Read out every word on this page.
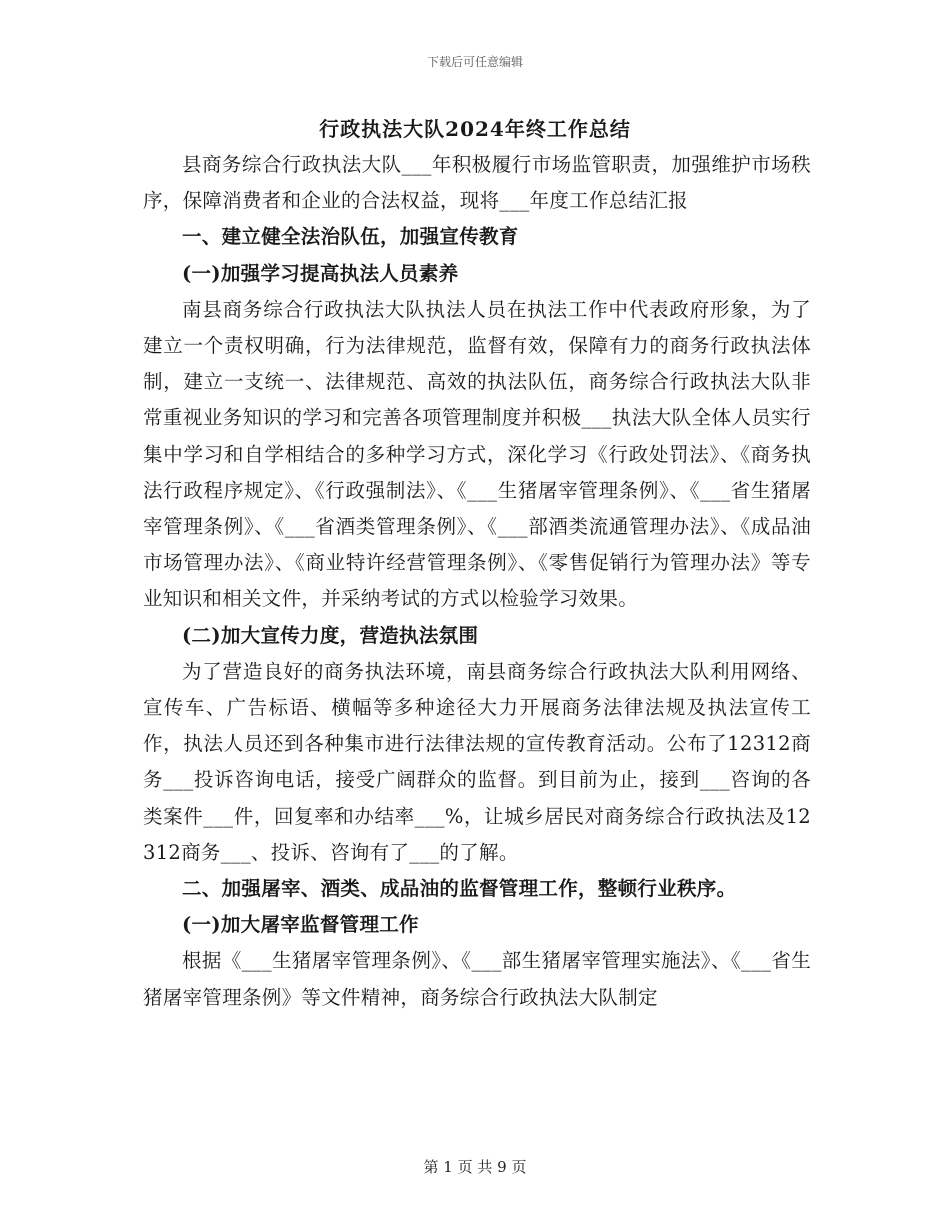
下载后可任意编辑
行政执法大队2024年终工作总结

县商务综合行政执法大队___年积极履行市场监管职责，加强维护市场秩序，保障消费者和企业的合法权益，现将___年度工作总结汇报

一、建立健全法治队伍，加强宣传教育

(一)加强学习提高执法人员素养

南县商务综合行政执法大队执法人员在执法工作中代表政府形象，为了建立一个责权明确，行为法律规范，监督有效，保障有力的商务行政执法体制，建立一支统一、法律规范、高效的执法队伍，商务综合行政执法大队非常重视业务知识的学习和完善各项管理制度并积极___执法大队全体人员实行集中学习和自学相结合的多种学习方式，深化学习《行政处罚法》、《商务执法行政程序规定》、《行政强制法》、《___生猪屠宰管理条例》、《___省生猪屠宰管理条例》、《___省酒类管理条例》、《___部酒类流通管理办法》、《成品油市场管理办法》、《商业特许经营管理条例》、《零售促销行为管理办法》等专业知识和相关文件，并采纳考试的方式以检验学习效果。

(二)加大宣传力度，营造执法氛围

为了营造良好的商务执法环境，南县商务综合行政执法大队利用网络、宣传车、广告标语、横幅等多种途径大力开展商务法律法规及执法宣传工作，执法人员还到各种集市进行法律法规的宣传教育活动。公布了12312商务___投诉咨询电话，接受广阔群众的监督。到目前为止，接到___咨询的各类案件___件，回复率和办结率___%，让城乡居民对商务综合行政执法及12312商务___、投诉、咨询有了___的了解。

二、加强屠宰、酒类、成品油的监督管理工作，整顿行业秩序。

(一)加大屠宰监督管理工作

根据《___生猪屠宰管理条例》、《___部生猪屠宰管理实施法》、《___省生猪屠宰管理条例》等文件精神，商务综合行政执法大队制定

第 1 页 共 9 页
